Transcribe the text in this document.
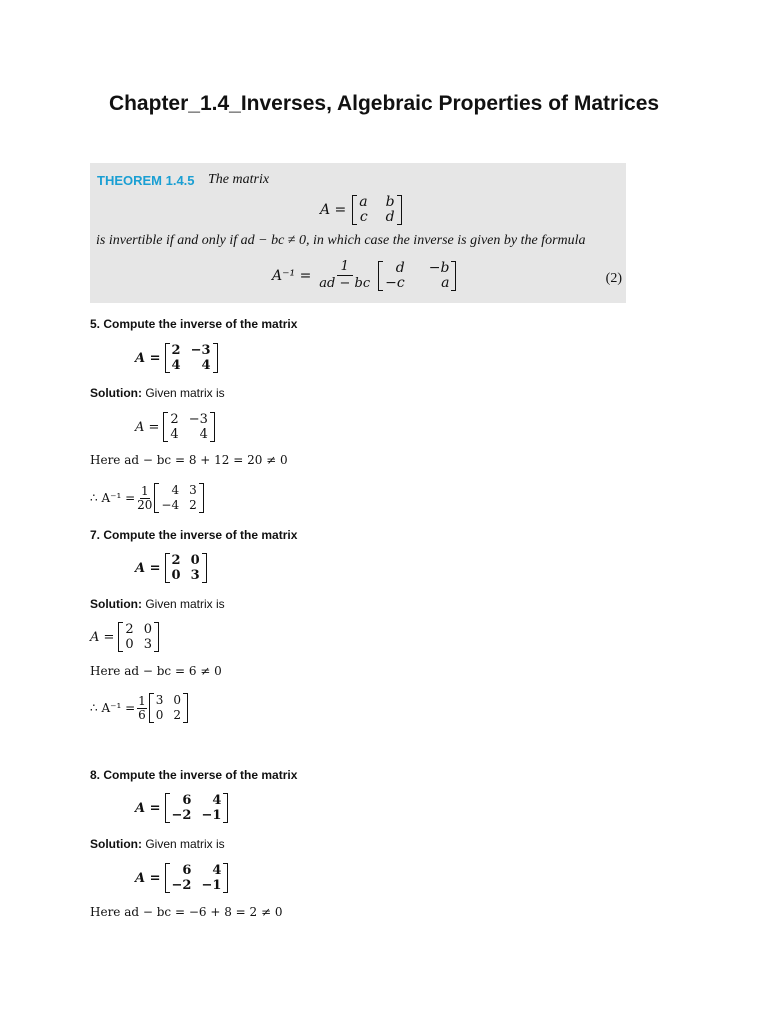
Chapter_1.4_Inverses, Algebraic Properties of Matrices
THEOREM 1.4.5 The matrix
A = a b
c d
is invertible if and only if ad − bc ≠ 0, in which case the inverse is given by the formula
$A^{-1} = \frac{1}{ad - bc}$	d −b
−c	a	(2)
5. Compute the inverse of the matrix
A = 2 −3
4	4
Solution: Given matrix is
A = 2 −3
4	4
Here ad − bc = 8 + 12 = 20 ≠ 0
∴ $A^{-1} = \frac{1}{20}$	4 3
−4 2
7. Compute the inverse of the matrix
A = 2 0
0 3
Solution: Given matrix is
A = 2 0
0 3
Here ad − bc = 6 ≠ 0
∴ $A^{-1} = \frac{1}{6} 3$ 0
0 2
8. Compute the inverse of the matrix
A =	6	4
−2 −1
Solution: Given matrix is
A =	6	4
−2 −1
Here ad − bc = −6 + 8 = 2 ≠ 0
